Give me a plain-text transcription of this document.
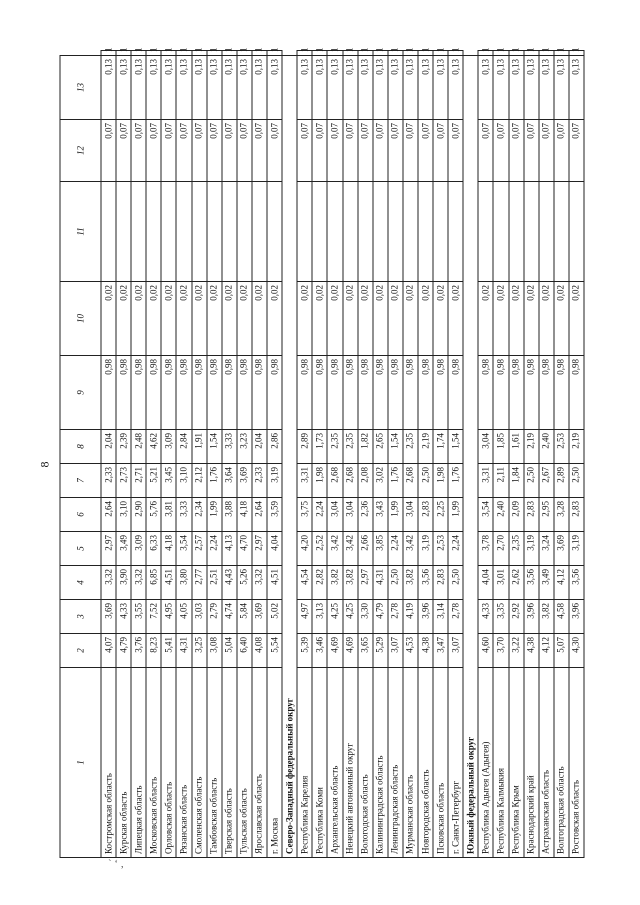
8
1	2	3	4	5	6	7	8	9	10	11	12	13	
Костромская область	4,07	3,69	3,32	2,97	2,64	2,33	2,04	0,98	0,02		0,07	0,13	1
Курская область	4,79	4,33	3,90	3,49	3,10	2,73	2,39	0,98	0,02		0,07	0,13	1
Липецкая область	3,76	3,55	3,32	3,09	2,90	2,71	2,48	0,98	0,02		0,07	0,13	1
Московская область	8,23	7,52	6,85	6,33	5,76	5,21	4,62	0,98	0,02		0,07	0,13	1
Орловская область	5,41	4,95	4,51	4,18	3,81	3,45	3,09	0,98	0,02		0,07	0,13	1
Рязанская область	4,31	4,05	3,80	3,54	3,33	3,10	2,84	0,98	0,02		0,07	0,13	1
Смоленская область	3,25	3,03	2,77	2,57	2,34	2,12	1,91	0,98	0,02		0,07	0,13	1
Тамбовская область	3,08	2,79	2,51	2,24	1,99	1,76	1,54	0,98	0,02		0,07	0,13	1
Тверская область	5,04	4,74	4,43	4,13	3,88	3,64	3,33	0,98	0,02		0,07	0,13	1
Тульская область	6,40	5,84	5,26	4,70	4,18	3,69	3,23	0,98	0,02		0,07	0,13	1
Ярославская область	4,08	3,69	3,32	2,97	2,64	2,33	2,04	0,98	0,02		0,07	0,13	1
г. Москва	5,54	5,02	4,51	4,04	3,59	3,19	2,86	0,98	0,02		0,07	0,13	1
Северо-Западный федеральный округ													
Республика Карелия	5,39	4,97	4,54	4,20	3,75	3,31	2,89	0,98	0,02		0,07	0,13	1
Республика Коми	3,46	3,13	2,82	2,52	2,24	1,98	1,73	0,98	0,02		0,07	0,13	1
Архангельская область	4,69	4,25	3,82	3,42	3,04	2,68	2,35	0,98	0,02		0,07	0,13	1
Ненецкий автономный округ	4,69	4,25	3,82	3,42	3,04	2,68	2,35	0,98	0,02		0,07	0,13	1
Вологодская область	3,65	3,30	2,97	2,66	2,36	2,08	1,82	0,98	0,02		0,07	0,13	1
Калининградская область	5,29	4,79	4,31	3,85	3,43	3,02	2,65	0,98	0,02		0,07	0,13	1
Ленинградская область	3,07	2,78	2,50	2,24	1,99	1,76	1,54	0,98	0,02		0,07	0,13	1
Мурманская область	4,53	4,19	3,82	3,42	3,04	2,68	2,35	0,98	0,02		0,07	0,13	1
Новгородская область	4,38	3,96	3,56	3,19	2,83	2,50	2,19	0,98	0,02		0,07	0,13	1
Псковская область	3,47	3,14	2,83	2,53	2,25	1,98	1,74	0,98	0,02		0,07	0,13	1
г. Санкт-Петербург	3,07	2,78	2,50	2,24	1,99	1,76	1,54	0,98	0,02		0,07	0,13	1
Южный федеральный округ													
Республика Адыгея (Адыгея)	4,60	4,33	4,04	3,78	3,54	3,31	3,04	0,98	0,02		0,07	0,13	1
Республика Калмыкия	3,70	3,35	3,01	2,70	2,40	2,11	1,85	0,98	0,02		0,07	0,13	1
Республика Крым	3,22	2,92	2,62	2,35	2,09	1,84	1,61	0,98	0,02		0,07	0,13	1
Краснодарский край	4,38	3,96	3,56	3,19	2,83	2,50	2,19	0,98	0,02		0,07	0,13	1
Астраханская область	4,12	3,82	3,49	3,24	2,95	2,67	2,40	0,98	0,02		0,07	0,13	1
Волгоградская область	5,07	4,58	4,12	3,69	3,28	2,89	2,53	0,98	0,02		0,07	0,13	1
Ростовская область	4,30	3,96	3,56	3,19	2,83	2,50	2,19	0,98	0,02		0,07	0,13	1
` ‘ ,
